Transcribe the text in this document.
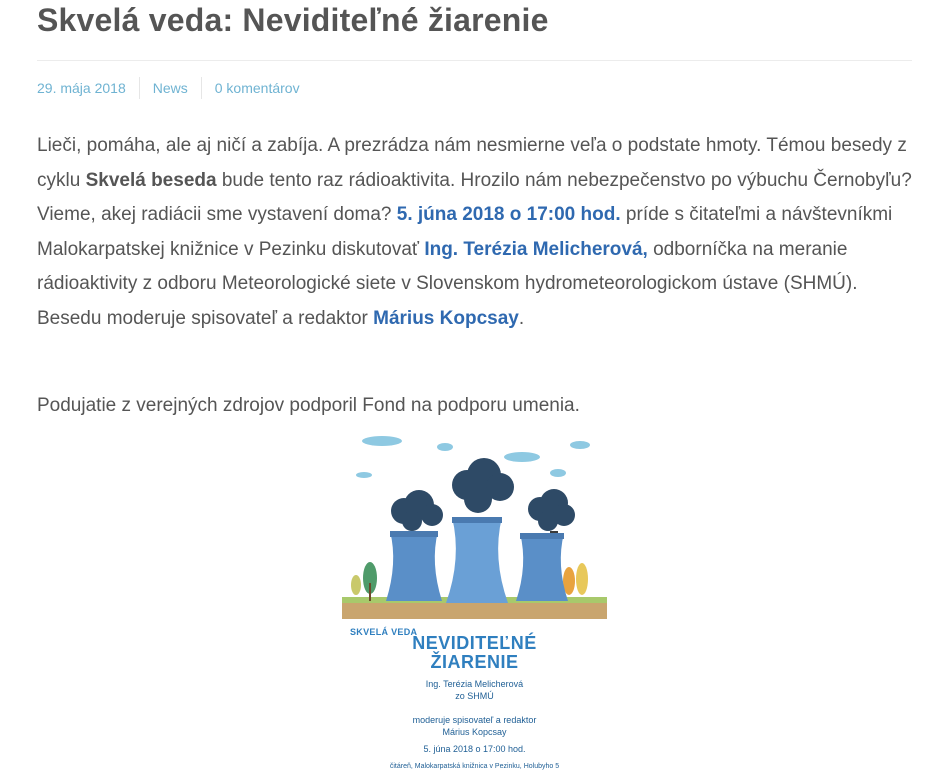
Skvelá veda: Neviditeľné žiarenie
29. mája 2018 News 0 komentárov

Lieči, pomáha, ale aj ničí a zabíja. A prezrádza nám nesmierne veľa o podstate hmoty. Témou besedy z cyklu Skvelá beseda bude tento raz rádioaktivita. Hrozilo nám nebezpečenstvo po výbuchu Černobyľu? Vieme, akej radiácii sme vystavení doma? 5. júna 2018 o 17:00 hod. príde s čitateľmi a návštevníkmi Malokarpatskej knižnice v Pezinku diskutovať Ing. Terézia Melicherová, odborníčka na meranie rádioaktivity z odboru Meteorologické siete v Slovenskom hydrometeorologickom ústave (SHMÚ). Besedu moderuje spisovateľ a redaktor Márius Kopcsay.

Podujatie z verejných zdrojov podporil Fond na podporu umenia.

SKVELÁ VEDA
NEVIDITEĽNÉ
ŽIARENIE
Ing. Terézia Melicherová
zo SHMÚ
moderuje spisovateľ a redaktor
Márius Kopcsay
5. júna 2018 o 17:00 hod.
čitáreň, Malokarpatská knižnica v Pezinku, Holubyho 5
